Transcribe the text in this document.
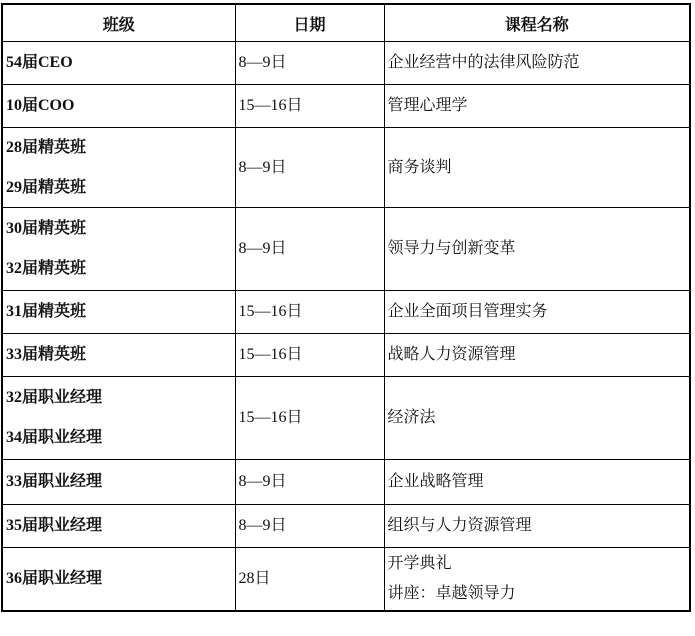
班级	日期	课程名称

54届CEO	8—9日	企业经营中的法律风险防范

10届COO	15—16日	管理心理学

28届精英班
29届精英班	8—9日	商务谈判

30届精英班
32届精英班	8—9日	领导力与创新变革

31届精英班	15—16日	企业全面项目管理实务

33届精英班	15—16日	战略人力资源管理

32届职业经理
34届职业经理	15—16日	经济法

33届职业经理	8—9日	企业战略管理

35届职业经理	8—9日	组织与人力资源管理

36届职业经理	28日	开学典礼
讲座：卓越领导力
